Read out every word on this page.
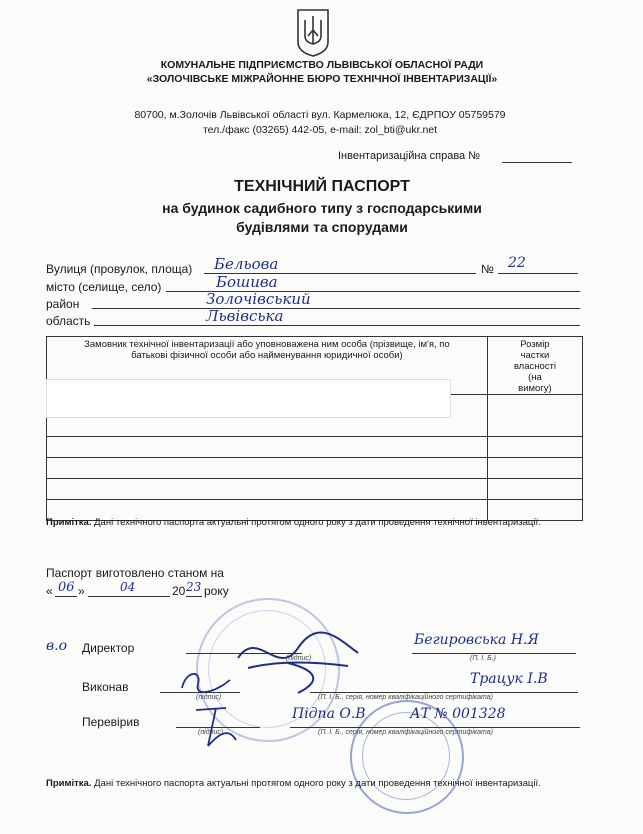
КОМУНАЛЬНЕ ПІДПРИЄМСТВО ЛЬВІВСЬКОЇ ОБЛАСНОЇ РАДИ
«ЗОЛОЧІВСЬКЕ МІЖРАЙОННЕ БЮРО ТЕХНІЧНОЇ ІНВЕНТАРИЗАЦІЇ»
80700, м.Золочів Львівської області вул. Кармелюка, 12, ЄДРПОУ 05759579
тел./факс (03265) 442-05, e-mail: zol_bti@ukr.net
Інвентаризаційна справа №
ТЕХНІЧНИЙ ПАСПОРТ
на будинок садибного типу з господарськими
будівлями та спорудами
Вулиця (провулок, площа) Бельова	№ 22
місто (селище, село)	Бошива
район	Золочівський
область	Львівська
Замовник технічної інвентаризації або уповноважена ним особа (прізвище, ім'я, по батькові фізичної особи або найменування юридичної особи)	Розмір частки власності (на вимогу)

Примітка. Дані технічного паспорта актуальні протягом одного року з дати проведення технічної інвентаризації.
Паспорт виготовлено станом на
« 06 »	04	20 23 року
в.о Директор
(підпис)
Бегировська Н.Я
(П. І. Б.)
Виконав
(підпис)
Трацук І.В
(П. І. Б., серія, номер кваліфікаційного сертифіката)
Перевірив
(підпис)
Підпа О.В	АТ № 001328
(П. І. Б., серія, номер кваліфікаційного сертифіката)
Примітка. Дані технічного паспорта актуальні протягом одного року з дати проведення технічної інвентаризації.
